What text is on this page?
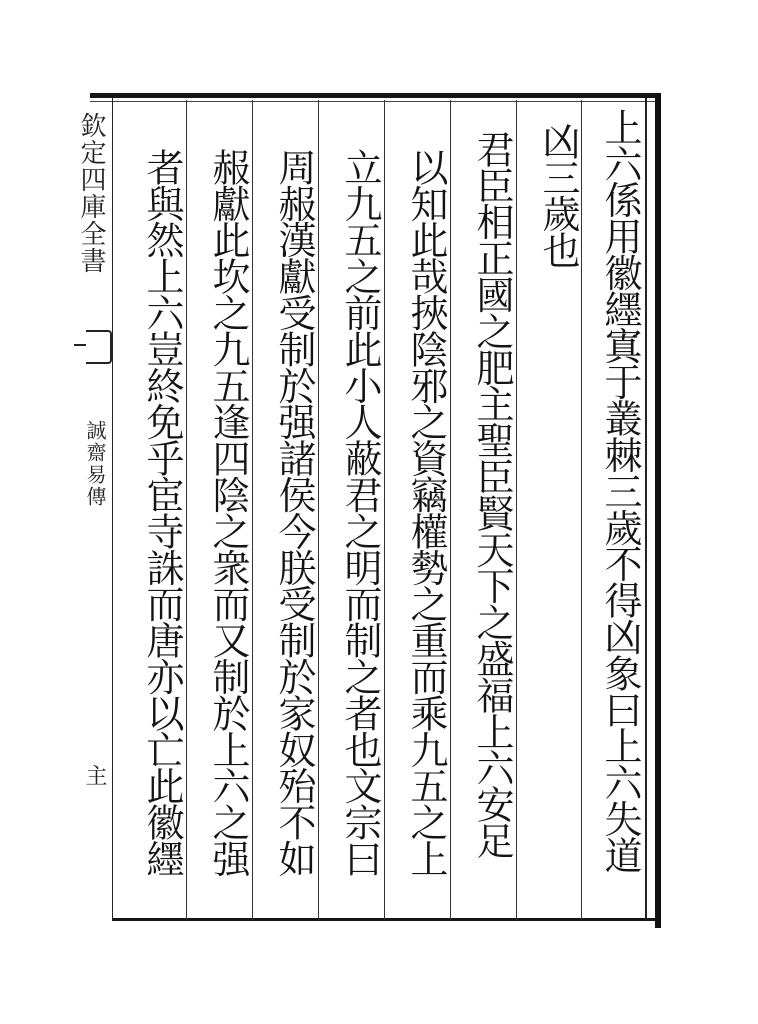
欽定四庫全書
誠齋易傳
主	上六係用徽纆寘于叢棘三歲不得凶象曰上六失道
凶三歲也
君臣相正國之肥主聖臣賢天下之盛福上六安足
以知此哉挾陰邪之資竊權勢之重而乘九五之上
立九五之前此小人蔽君之明而制之者也文宗曰
周赧漢獻受制於强諸侯今朕受制於家奴殆不如
赧獻此坎之九五逢四陰之衆而又制於上六之强
者與然上六豈終免乎宦寺誅而唐亦以亡此徽纆
